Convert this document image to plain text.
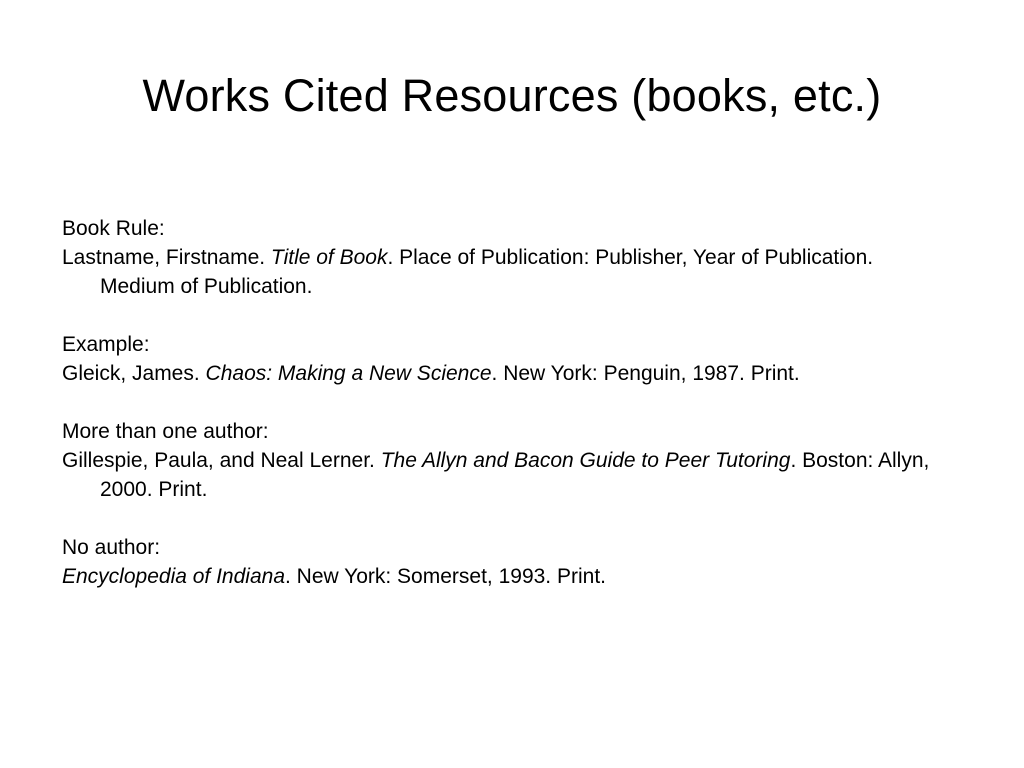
Works Cited Resources (books, etc.)

Book Rule:

Lastname, Firstname. Title of Book. Place of Publication: Publisher, Year of Publication.Medium of Publication.

Example:

Gleick, James. Chaos: Making a New Science. New York: Penguin, 1987. Print.

More than one author:

Gillespie, Paula, and Neal Lerner. The Allyn and Bacon Guide to Peer Tutoring. Boston: Allyn, 2000. Print.

No author:

Encyclopedia of Indiana. New York: Somerset, 1993. Print.
